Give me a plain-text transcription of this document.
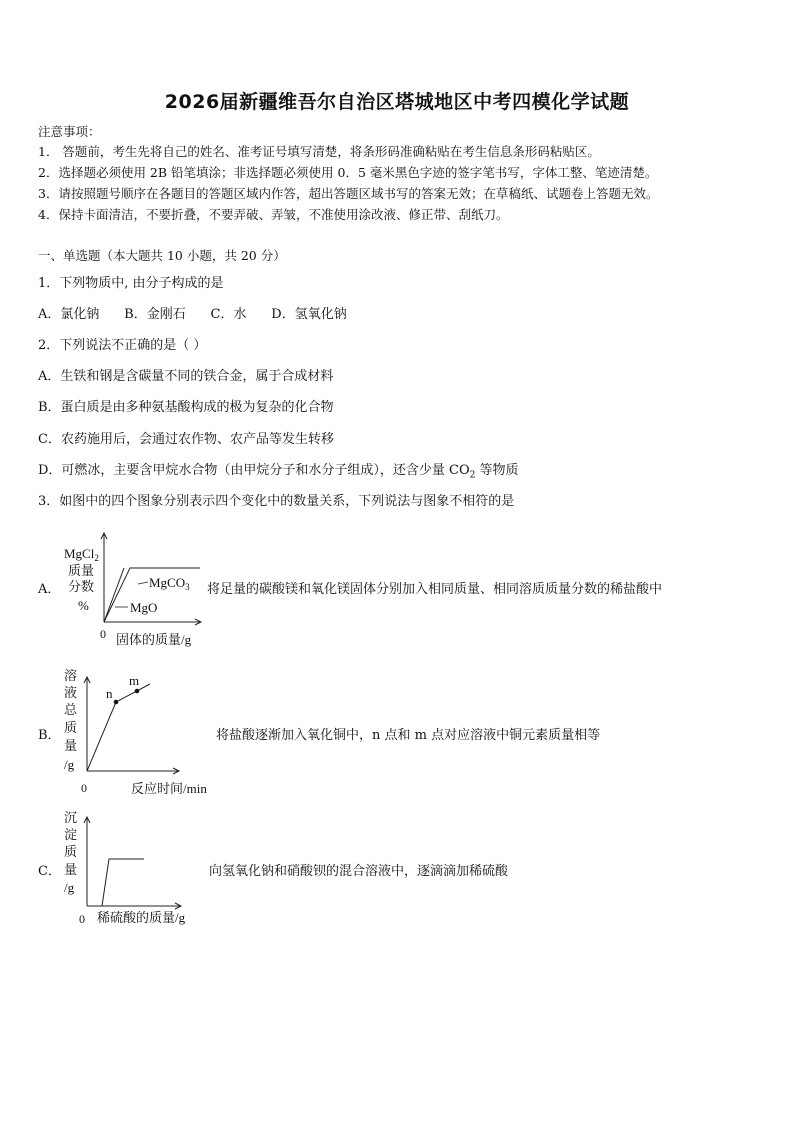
2026届新疆维吾尔自治区塔城地区中考四模化学试题
注意事项：
1． 答题前，考生先将自己的姓名、准考证号填写清楚，将条形码准确粘贴在考生信息条形码粘贴区。
2．选择题必须使用 2B 铅笔填涂；非选择题必须使用 0．5 毫米黑色字迹的签字笔书写，字体工整、笔迹清楚。
3．请按照题号顺序在各题目的答题区域内作答，超出答题区域书写的答案无效；在草稿纸、试题卷上答题无效。
4．保持卡面清洁，不要折叠，不要弄破、弄皱，不准使用涂改液、修正带、刮纸刀。
一、单选题（本大题共 10 小题，共 20 分）
1．下列物质中, 由分子构成的是
A．氯化钠      B．金刚石      C．水      D．氢氧化钠
2．下列说法不正确的是（ ）
A．生铁和钢是含碳量不同的铁合金，属于合成材料
B．蛋白质是由多种氨基酸构成的极为复杂的化合物
C．农药施用后，会通过农作物、农产品等发生转移
D．可燃冰，主要含甲烷水合物（由甲烷分子和水分子组成），还含少量 $CO_2$ 等物质
3．如图中的四个图象分别表示四个变化中的数量关系，下列说法与图象不相符的是
A．
MgCl$_2$
质量
分数
%
MgCO$_3$
MgO
0 固体的质量/g
将足量的碳酸镁和氧化镁固体分别加入相同质量、相同溶质质量分数的稀盐酸中
B．
溶
液
总
质
量
/g
n
m
0	反应时间/min
将盐酸逐渐加入氧化铜中，n 点和 m 点对应溶液中铜元素质量相等
C．
沉
淀
质
量
/g
0 稀硫酸的质量/g
向氢氧化钠和硝酸钡的混合溶液中，逐滴滴加稀硫酸
